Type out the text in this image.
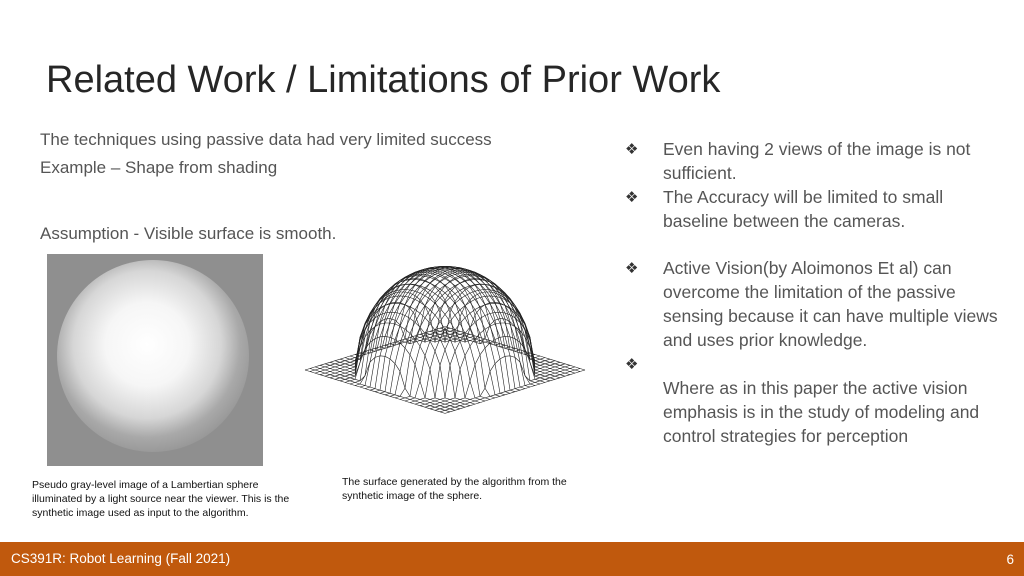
Related Work / Limitations of Prior Work
The techniques using passive data had very limited success
Example – Shape from shading
Assumption - Visible surface is smooth.
Pseudo gray-level image of a Lambertian sphere illuminated by a light source near the viewer. This is the synthetic image used as input to the algorithm.
The surface generated by the algorithm from the synthetic image of the sphere.
❖ Even having 2 views of the image is not sufficient.
❖ The Accuracy will be limited to small baseline between the cameras.
❖ Active Vision(by Aloimonos Et al) can overcome the limitation of the passive sensing because it can have multiple views and uses prior knowledge.
❖
Where as in this paper the active vision emphasis is in the study of modeling and control strategies for perception
CS391R: Robot Learning (Fall 2021)	6
